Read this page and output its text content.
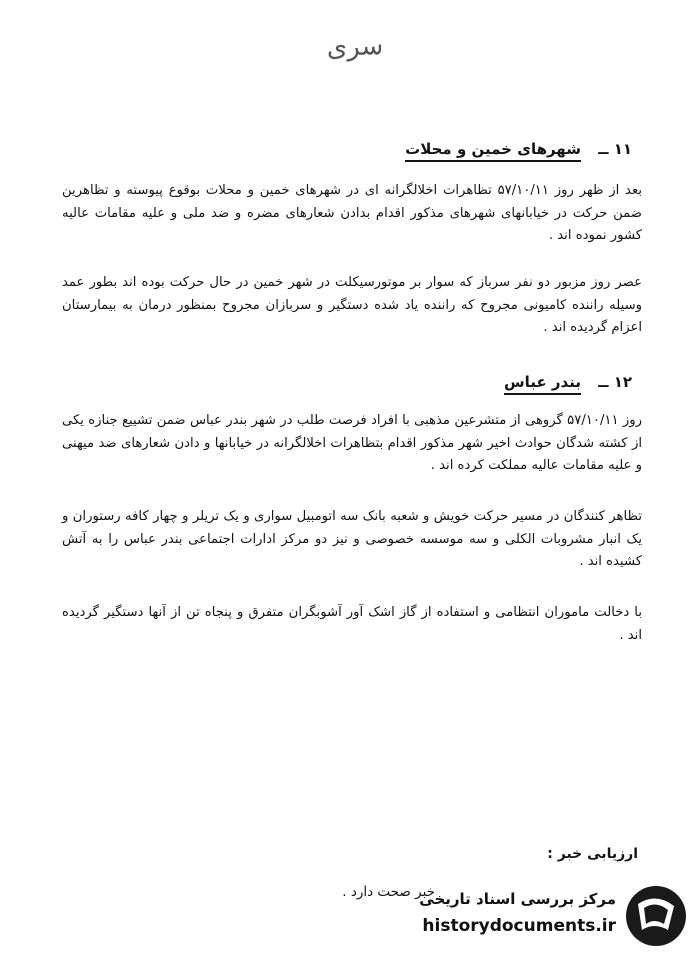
سری
۱۱ ــ شهرهای خمین و محلات

بعد از ظهر روز ۵۷/۱۰/۱۱ تظاهرات اخلالگرانه ای در شهرهای خمین و محلات بوقوع پیوسته و تظاهرین ضمن حرکت در خیابانهای شهرهای مذکور اقدام بدادن شعارهای مضره و ضد ملی و علیه مقامات عالیه کشور نموده اند .

عصر روز مزبور دو نفر سرباز که سوار بر موتورسیکلت در شهر خمین در حال حرکت بوده اند بطور عمد وسیله راننده کامیونی مجروح که راننده یاد شده دستگیر و سربازان مجروح بمنظور درمان به بیمارستان اعزام گردیده اند .

۱۲ ــ بندر عباس

روز ۵۷/۱۰/۱۱ گروهی از متشرعین مذهبی با افراد فرصت طلب در شهر بندر عباس ضمن تشییع جنازه یکی از کشته شدگان حوادث اخیر شهر مذکور اقدام بتظاهرات اخلالگرانه در خیابانها و دادن شعارهای ضد میهنی و علیه مقامات عالیه مملکت کرده اند .

تظاهر کنندگان در مسیر حرکت خویش و شعبه بانک سه اتومبیل سواری و یک تریلر و چهار کافه رستوران و یک انبار مشروبات الکلی و سه موسسه خصوصی و نیز دو مرکز ادارات اجتماعی بندر عباس را به آتش کشیده اند .

با دخالت ماموران انتظامی و استفاده از گاز اشک آور آشوبگران متفرق و پنجاه تن از آنها دستگیر گردیده اند .

ارزیابی خبر :
خبر صحت دارد .
مرکز بررسی اسناد تاریخی
historydocuments.ir
